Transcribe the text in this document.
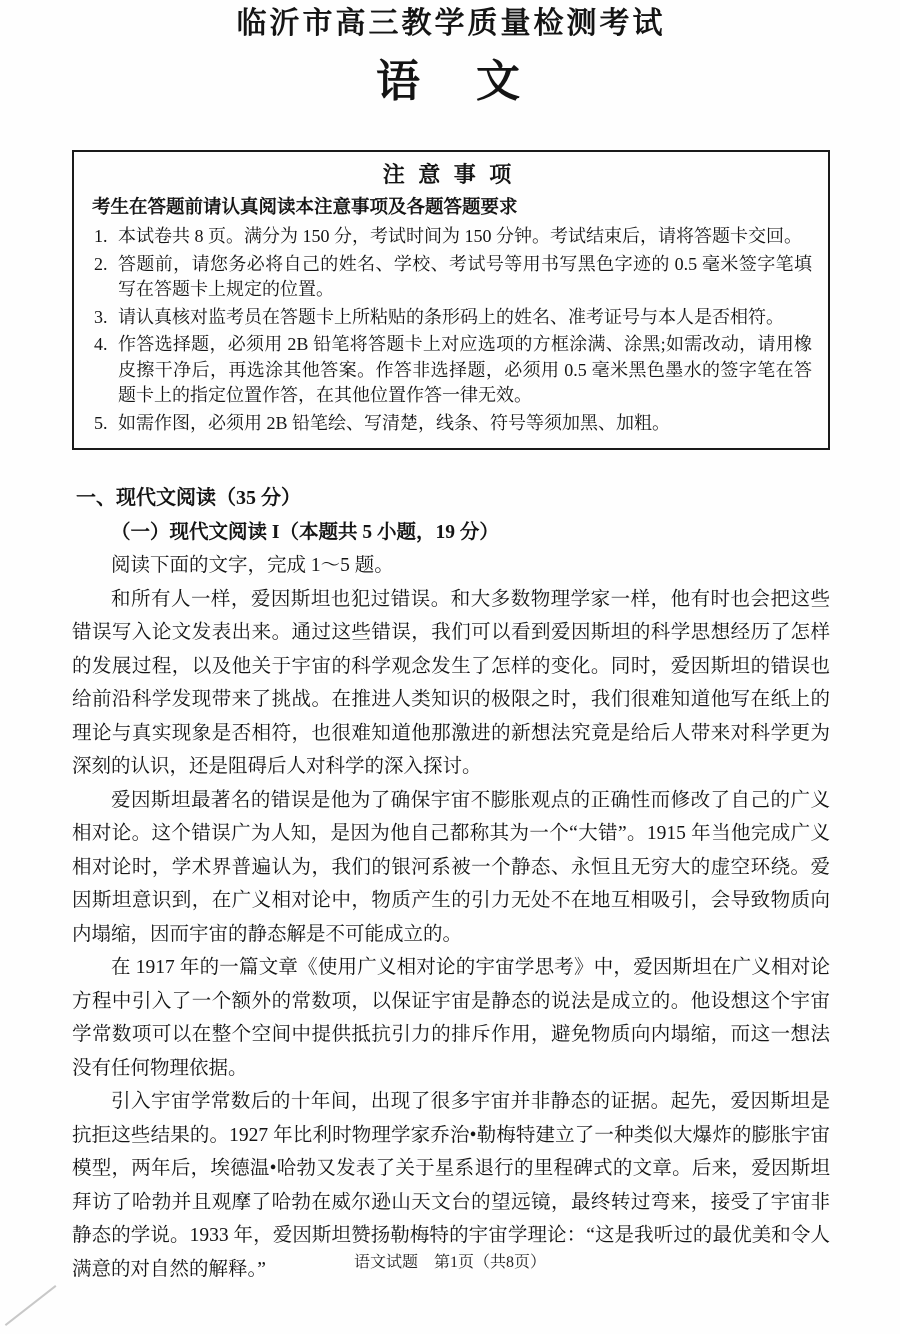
临沂市高三教学质量检测考试
语　文
注 意 事 项
考生在答题前请认真阅读本注意事项及各题答题要求
1. 本试卷共 8 页。满分为 150 分，考试时间为 150 分钟。考试结束后，请将答题卡交回。
2. 答题前，请您务必将自己的姓名、学校、考试号等用书写黑色字迹的 0.5 毫米签字笔填写在答题卡上规定的位置。
3. 请认真核对监考员在答题卡上所粘贴的条形码上的姓名、准考证号与本人是否相符。
4. 作答选择题，必须用 2B 铅笔将答题卡上对应选项的方框涂满、涂黑;如需改动，请用橡皮擦干净后，再选涂其他答案。作答非选择题，必须用 0.5 毫米黑色墨水的签字笔在答题卡上的指定位置作答，在其他位置作答一律无效。
5. 如需作图，必须用 2B 铅笔绘、写清楚，线条、符号等须加黑、加粗。
一、现代文阅读（35 分）
（一）现代文阅读 I（本题共 5 小题，19 分）
阅读下面的文字，完成 1～5 题。

和所有人一样，爱因斯坦也犯过错误。和大多数物理学家一样，他有时也会把这些错误写入论文发表出来。通过这些错误，我们可以看到爱因斯坦的科学思想经历了怎样的发展过程，以及他关于宇宙的科学观念发生了怎样的变化。同时，爱因斯坦的错误也给前沿科学发现带来了挑战。在推进人类知识的极限之时，我们很难知道他写在纸上的理论与真实现象是否相符，也很难知道他那激进的新想法究竟是给后人带来对科学更为深刻的认识，还是阻碍后人对科学的深入探讨。

爱因斯坦最著名的错误是他为了确保宇宙不膨胀观点的正确性而修改了自己的广义相对论。这个错误广为人知，是因为他自己都称其为一个“大错”。1915 年当他完成广义相对论时，学术界普遍认为，我们的银河系被一个静态、永恒且无穷大的虚空环绕。爱因斯坦意识到，在广义相对论中，物质产生的引力无处不在地互相吸引，会导致物质向内塌缩，因而宇宙的静态解是不可能成立的。

在 1917 年的一篇文章《使用广义相对论的宇宙学思考》中，爱因斯坦在广义相对论方程中引入了一个额外的常数项，以保证宇宙是静态的说法是成立的。他设想这个宇宙学常数项可以在整个空间中提供抵抗引力的排斥作用，避免物质向内塌缩，而这一想法没有任何物理依据。

引入宇宙学常数后的十年间，出现了很多宇宙并非静态的证据。起先，爱因斯坦是抗拒这些结果的。1927 年比利时物理学家乔治•勒梅特建立了一种类似大爆炸的膨胀宇宙模型，两年后，埃德温•哈勃又发表了关于星系退行的里程碑式的文章。后来，爱因斯坦拜访了哈勃并且观摩了哈勃在威尔逊山天文台的望远镜，最终转过弯来，接受了宇宙非静态的学说。1933 年，爱因斯坦赞扬勒梅特的宇宙学理论：“这是我听过的最优美和令人满意的对自然的解释。”	语文试题　第1页（共8页）
